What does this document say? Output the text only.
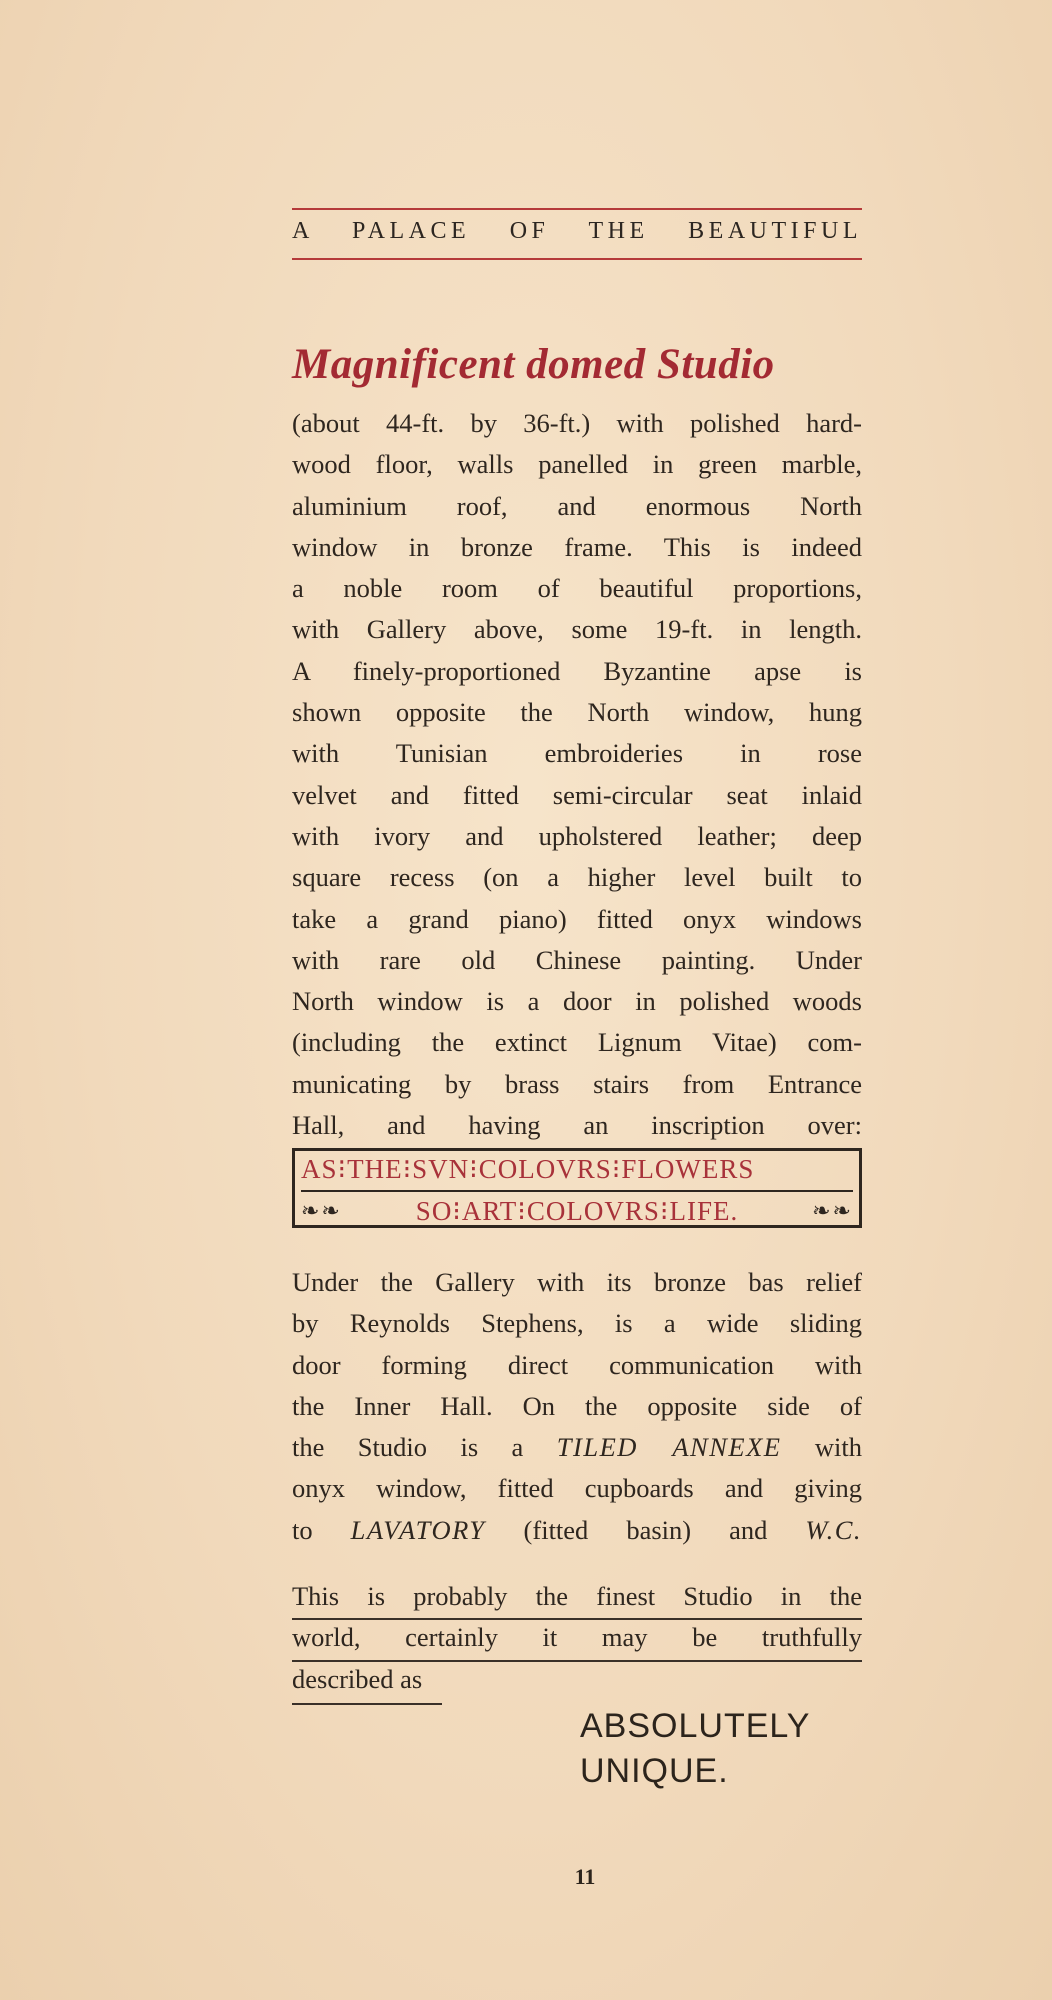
A PALACE OF THE BEAUTIFUL
Magnificent domed Studio
(about 44-ft. by 36-ft.) with polished hard-
wood floor, walls panelled in green marble,
aluminium roof, and enormous North
window in bronze frame. This is indeed
a noble room of beautiful proportions,
with Gallery above, some 19-ft. in length.
A finely-proportioned Byzantine apse is
shown opposite the North window, hung
with Tunisian embroideries in rose
velvet and fitted semi-circular seat inlaid
with ivory and upholstered leather; deep
square recess (on a higher level built to
take a grand piano) fitted onyx windows
with rare old Chinese painting. Under
North window is a door in polished woods
(including the extinct Lignum Vitae) com-
municating by brass stairs from Entrance
Hall, and having an inscription over:
AS⁝THE⁝SVN⁝COLOVRS⁝FLOWERS
❧❧	SO⁝ART⁝COLOVRS⁝LIFE.	❧❧
Under the Gallery with its bronze bas relief
by Reynolds Stephens, is a wide sliding
door forming direct communication with
the Inner Hall. On the opposite side of
the Studio is a TILED ANNEXE with
onyx window, fitted cupboards and giving
to LAVATORY (fitted basin) and W.C.
This is probably the finest Studio in the
world, certainly it may be truthfully
described as
ABSOLUTELY
UNIQUE.
11
